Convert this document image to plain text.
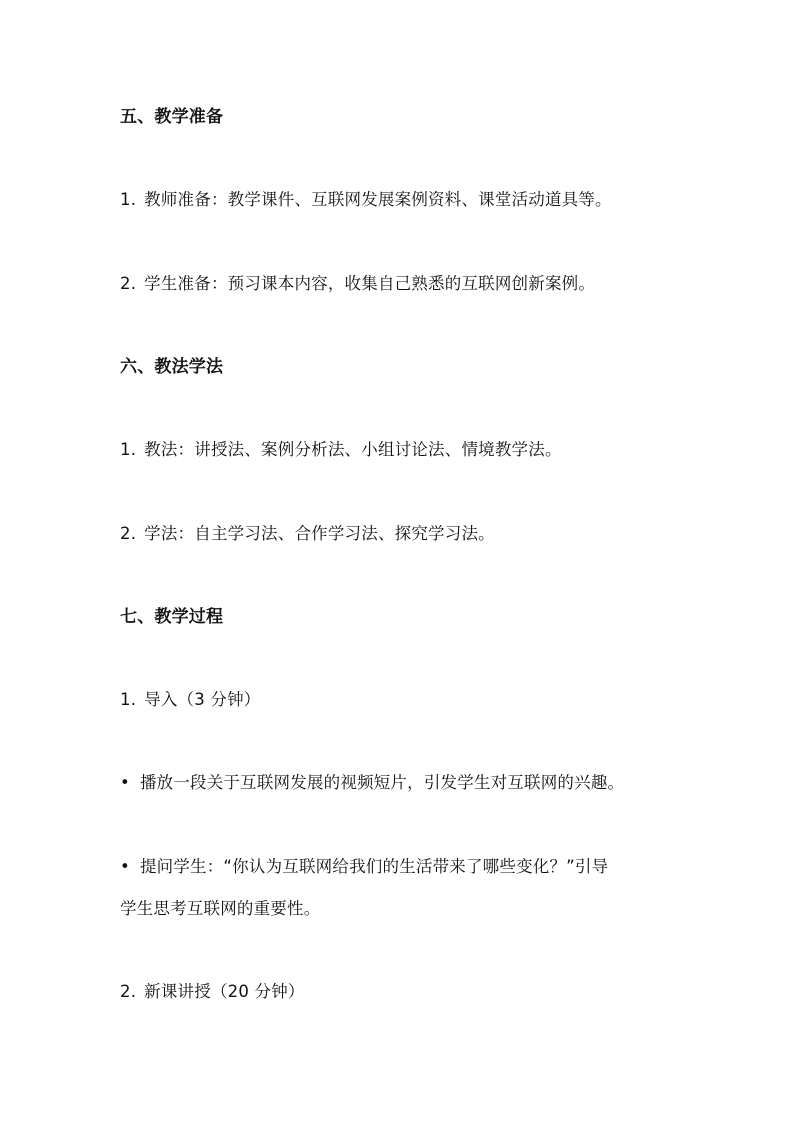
五、教学准备
1. 教师准备：教学课件、互联网发展案例资料、课堂活动道具等。
2. 学生准备：预习课本内容，收集自己熟悉的互联网创新案例。
六、教法学法
1. 教法：讲授法、案例分析法、小组讨论法、情境教学法。
2. 学法：自主学习法、合作学习法、探究学习法。
七、教学过程
1. 导入（3 分钟）
• 播放一段关于互联网发展的视频短片，引发学生对互联网的兴趣。
• 提问学生：“你认为互联网给我们的生活带来了哪些变化？”引导
学生思考互联网的重要性。
2. 新课讲授（20 分钟）
